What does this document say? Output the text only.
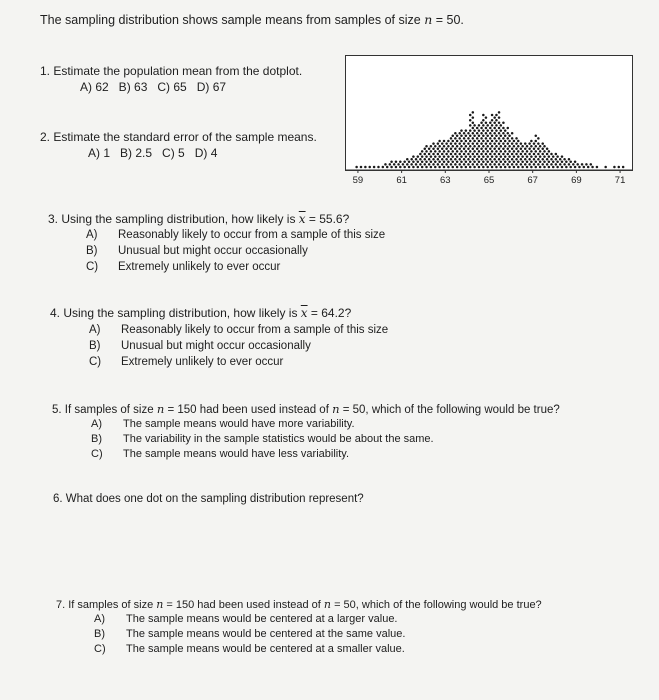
The sampling distribution shows sample means from samples of size n = 50.
1. Estimate the population mean from the dotplot.
A) 62   B) 63   C) 65   D) 67
2. Estimate the standard error of the sample means.
A) 1   B) 2.5   C) 5   D) 4
59	61	63	65	67	69	71
3. Using the sampling distribution, how likely is $\overline{x} = 55.6$?
A) Reasonably likely to occur from a sample of this size
B) Unusual but might occur occasionally
C) Extremely unlikely to ever occur
4. Using the sampling distribution, how likely is $\overline{x} = 64.2$?
A) Reasonably likely to occur from a sample of this size
B) Unusual but might occur occasionally
C) Extremely unlikely to ever occur
5. If samples of size n = 150 had been used instead of n = 50, which of the following would be true?
A) The sample means would have more variability.
B) The variability in the sample statistics would be about the same.
C) The sample means would have less variability.
6. What does one dot on the sampling distribution represent?
7. If samples of size n = 150 had been used instead of n = 50, which of the following would be true?
A) The sample means would be centered at a larger value.
B) The sample means would be centered at the same value.
C) The sample means would be centered at a smaller value.
